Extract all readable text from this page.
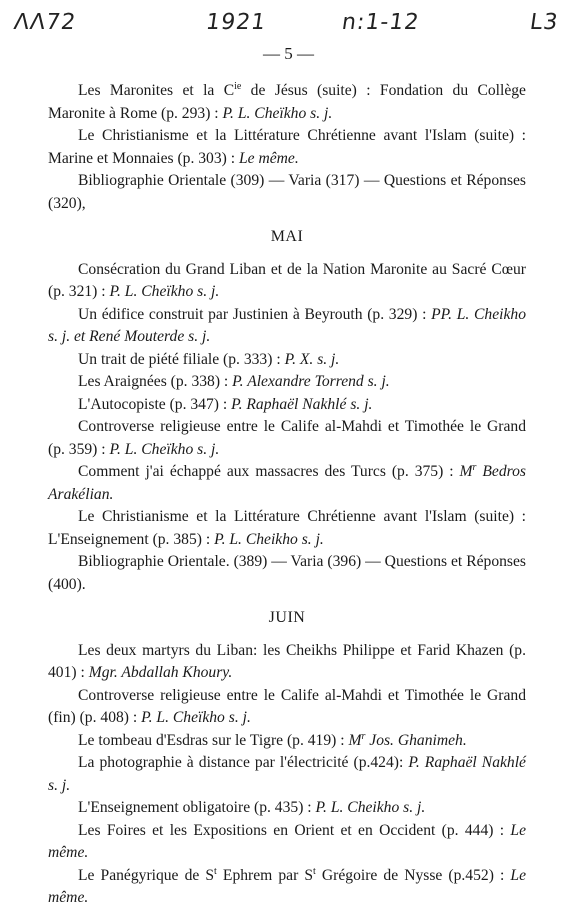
ΛΛ72	1921	n:1-12	L3
— 5 —

Les Maronites et la $C^{ie}$ de Jésus (suite) : Fondation du Collège Maronite à Rome (p. 293) : P. L. Cheïkho s. j.

Le Christianisme et la Littérature Chrétienne avant l'Islam (suite) : Marine et Monnaies (p. 303) : Le même.

Bibliographie Orientale (309) — Varia (317) — Questions et Réponses (320),

MAI

Consécration du Grand Liban et de la Nation Maronite au Sacré Cœur (p. 321) : P. L. Cheïkho s. j.

Un édifice construit par Justinien à Beyrouth (p. 329) : PP. L. Cheikho s. j. et René Mouterde s. j.

Un trait de piété filiale (p. 333) : P. X. s. j.

Les Araignées (p. 338) : P. Alexandre Torrend s. j.

L'Autocopiste (p. 347) : P. Raphaël Nakhlé s. j.

Controverse religieuse entre le Calife al-Mahdi et Timothée le Grand (p. 359) : P. L. Cheïkho s. j.

Comment j'ai échappé aux massacres des Turcs (p. 375) : $M^r$ Bedros Arakélian.

Le Christianisme et la Littérature Chrétienne avant l'Islam (suite) : L'Enseignement (p. 385) : P. L. Cheikho s. j.

Bibliographie Orientale. (389) — Varia (396) — Questions et Réponses (400).

JUIN

Les deux martyrs du Liban: les Cheikhs Philippe et Farid Khazen (p. 401) : Mgr. Abdallah Khoury.

Controverse religieuse entre le Calife al-Mahdi et Timothée le Grand (fin) (p. 408) : P. L. Cheïkho s. j.

Le tombeau d'Esdras sur le Tigre (p. 419) : $M^r$ Jos. Ghanimeh.

La photographie à distance par l'électricité (p.424): P. Raphaël Nakhlé s. j.

L'Enseignement obligatoire (p. 435) : P. L. Cheikho s. j.

Les Foires et les Expositions en Orient et en Occident (p. 444) : Le même.

Le Panégyrique de $S^t$ Ephrem par $S^t$ Grégoire de Nysse (p.452) : Le même.
